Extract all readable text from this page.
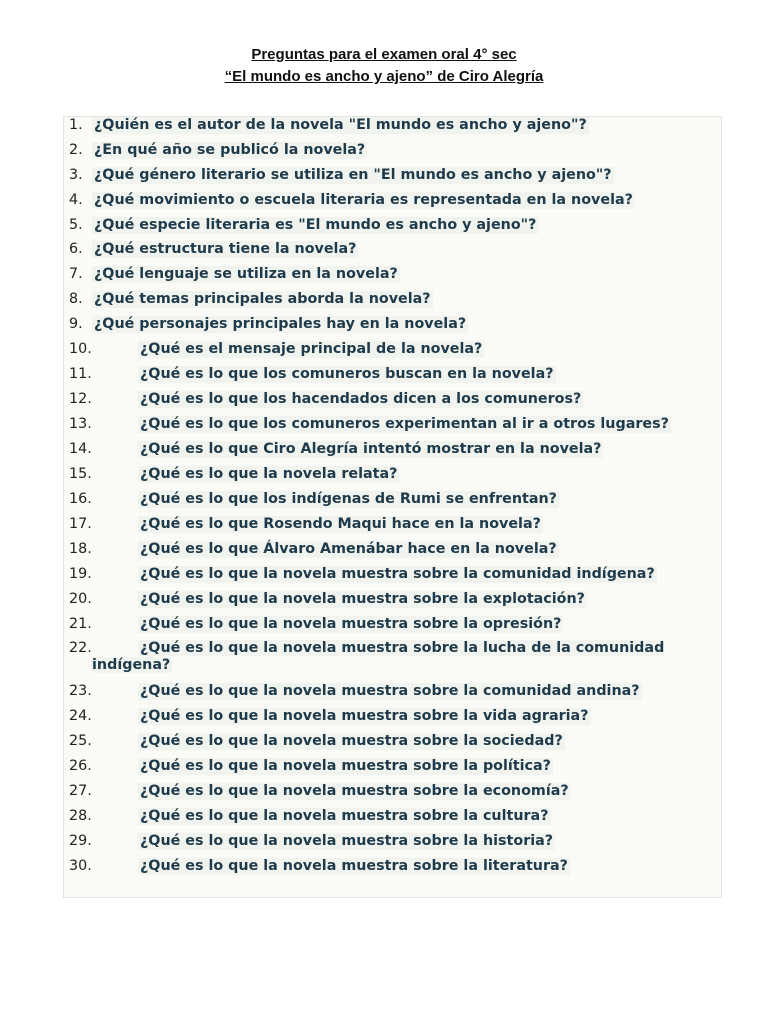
Preguntas para el examen oral 4° sec
“El mundo es ancho y ajeno” de Ciro Alegría
1. ¿Quién es el autor de la novela "El mundo es ancho y ajeno"?
2. ¿En qué año se publicó la novela?
3. ¿Qué género literario se utiliza en "El mundo es ancho y ajeno"?
4. ¿Qué movimiento o escuela literaria es representada en la novela?
5. ¿Qué especie literaria es "El mundo es ancho y ajeno"?
6. ¿Qué estructura tiene la novela?
7. ¿Qué lenguaje se utiliza en la novela?
8. ¿Qué temas principales aborda la novela?
9. ¿Qué personajes principales hay en la novela?
10.	¿Qué es el mensaje principal de la novela?
11.	¿Qué es lo que los comuneros buscan en la novela?
12.	¿Qué es lo que los hacendados dicen a los comuneros?
13.	¿Qué es lo que los comuneros experimentan al ir a otros lugares?
14.	¿Qué es lo que Ciro Alegría intentó mostrar en la novela?
15.	¿Qué es lo que la novela relata?
16.	¿Qué es lo que los indígenas de Rumi se enfrentan?
17.	¿Qué es lo que Rosendo Maqui hace en la novela?
18.	¿Qué es lo que Álvaro Amenábar hace en la novela?
19.	¿Qué es lo que la novela muestra sobre la comunidad indígena?
20.	¿Qué es lo que la novela muestra sobre la explotación?
21.	¿Qué es lo que la novela muestra sobre la opresión?
22.	¿Qué es lo que la novela muestra sobre la lucha de la comunidad indígena?
23.	¿Qué es lo que la novela muestra sobre la comunidad andina?
24.	¿Qué es lo que la novela muestra sobre la vida agraria?
25.	¿Qué es lo que la novela muestra sobre la sociedad?
26.	¿Qué es lo que la novela muestra sobre la política?
27.	¿Qué es lo que la novela muestra sobre la economía?
28.	¿Qué es lo que la novela muestra sobre la cultura?
29.	¿Qué es lo que la novela muestra sobre la historia?
30.	¿Qué es lo que la novela muestra sobre la literatura?
